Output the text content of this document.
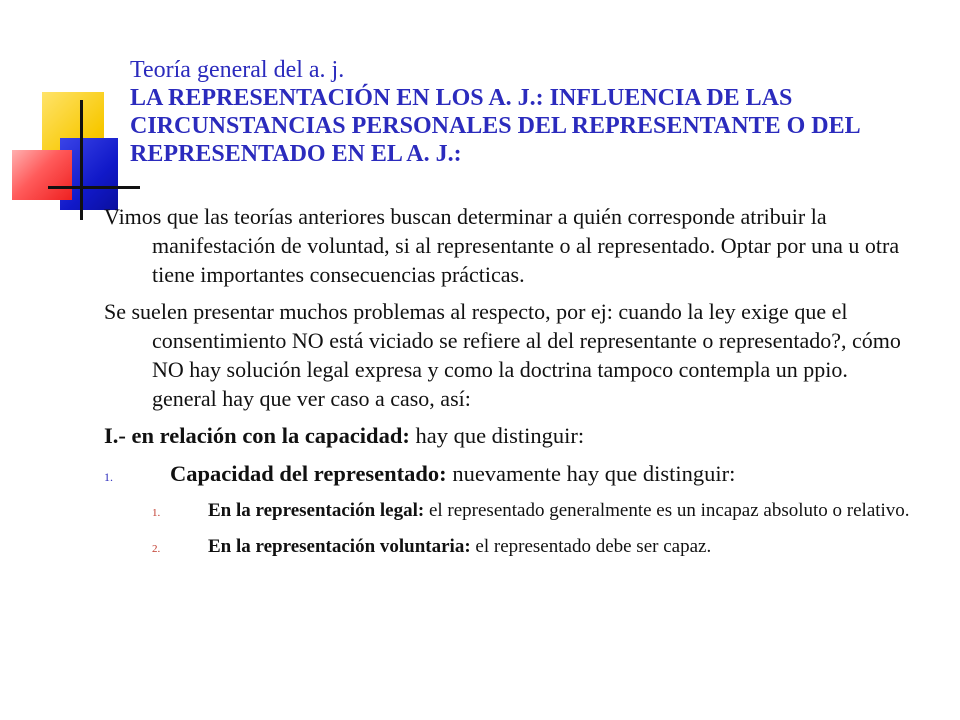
Teoría general del a. j.
LA REPRESENTACIÓN EN LOS A. J.: INFLUENCIA DE LAS CIRCUNSTANCIAS PERSONALES DEL REPRESENTANTE O DEL REPRESENTADO EN EL A. J.:

Vimos que las teorías anteriores buscan determinar a quién corresponde atribuir la manifestación de voluntad, si al representante o al representado. Optar por una u otra tiene importantes consecuencias prácticas.

Se suelen presentar muchos problemas al respecto, por ej: cuando la ley exige que el consentimiento NO está viciado se refiere al del representante o representado?, cómo NO hay solución legal expresa y como la doctrina tampoco contempla un ppio. general hay que ver caso a caso, así:

I.- en relación con la capacidad: hay que distinguir:

1.	Capacidad del representado: nuevamente hay que distinguir:
1.	En la representación legal: el representado generalmente es un incapaz absoluto o relativo.
2.	En la representación voluntaria: el representado debe ser capaz.
